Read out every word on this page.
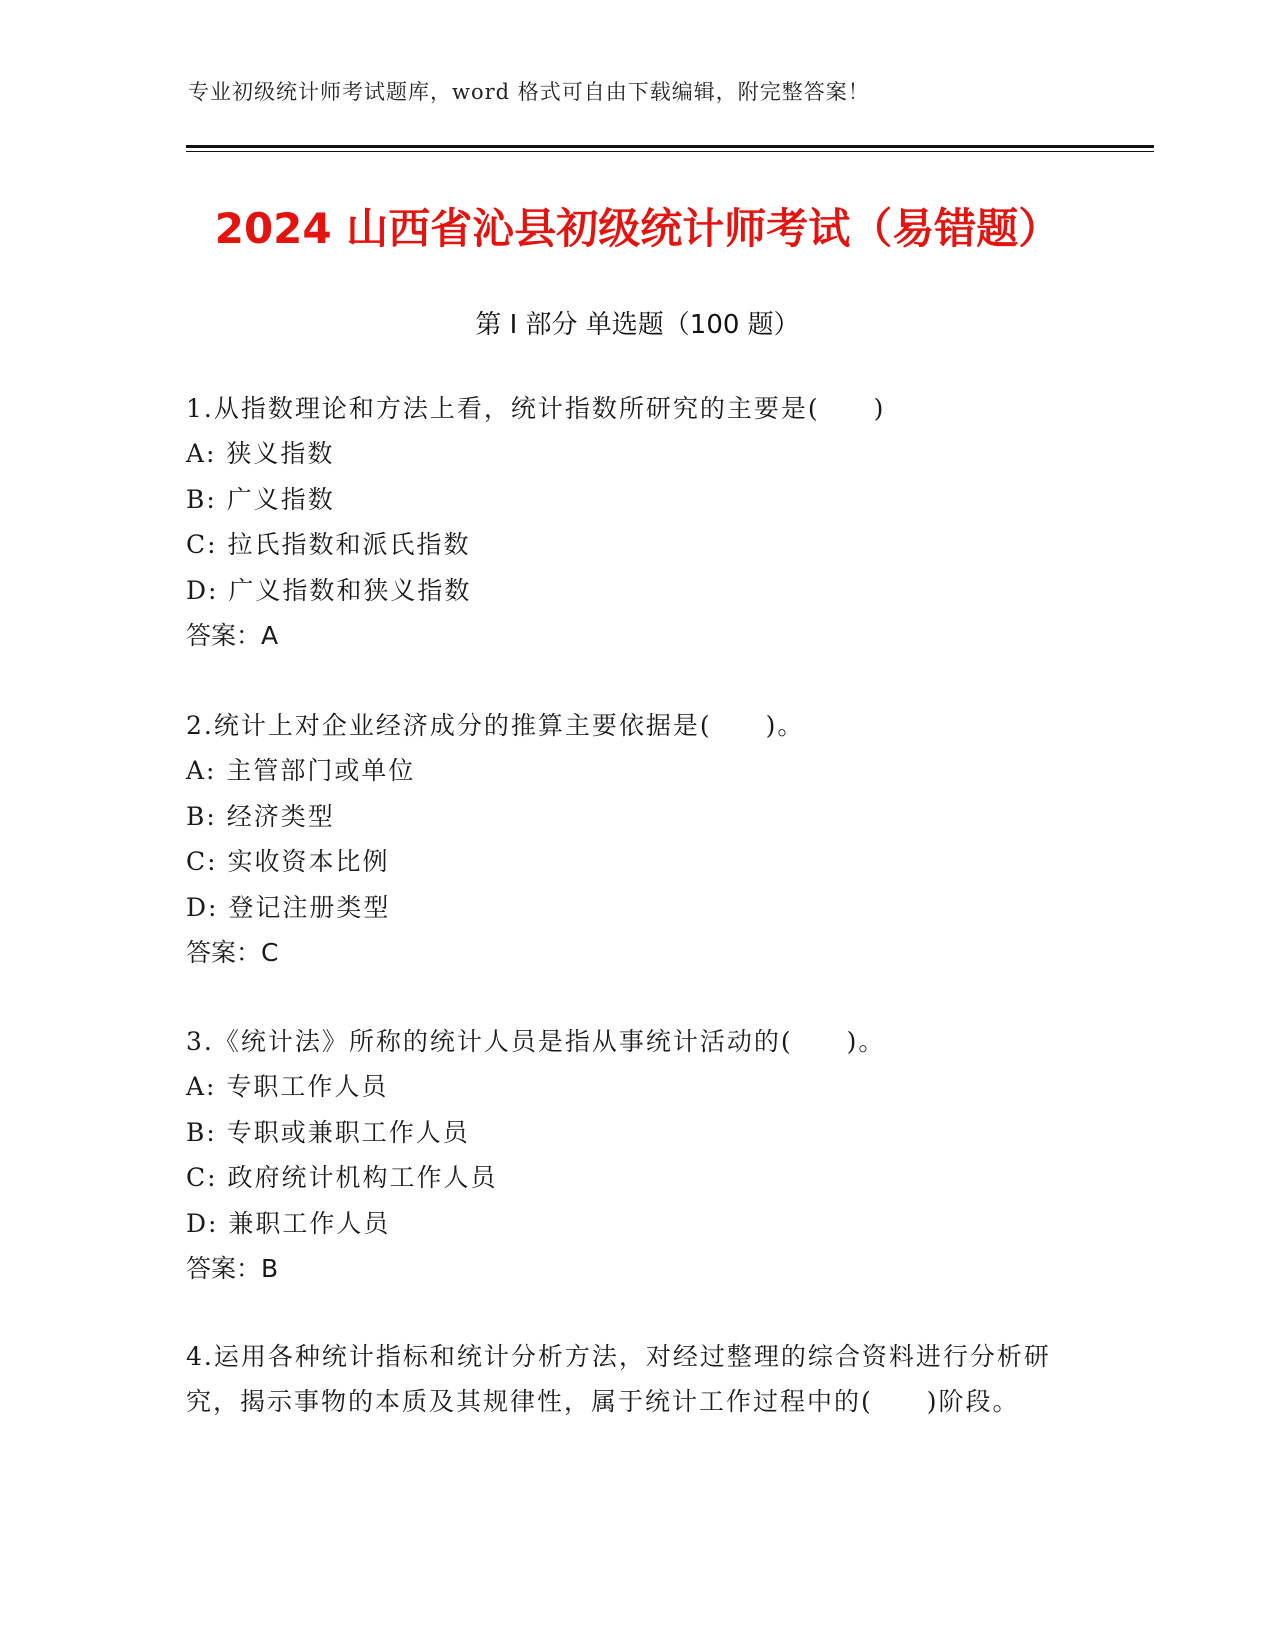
专业初级统计师考试题库，word 格式可自由下载编辑，附完整答案！
2024 山西省沁县初级统计师考试（易错题）
第 I 部分 单选题（100 题）

1.从指数理论和方法上看，统计指数所研究的主要是(　　)

A: 狭义指数

B: 广义指数

C: 拉氏指数和派氏指数

D: 广义指数和狭义指数

答案：A

2.统计上对企业经济成分的推算主要依据是(　　)。

A: 主管部门或单位

B: 经济类型

C: 实收资本比例

D: 登记注册类型

答案：C

3.《统计法》所称的统计人员是指从事统计活动的(　　)。

A: 专职工作人员

B: 专职或兼职工作人员

C: 政府统计机构工作人员

D: 兼职工作人员

答案：B

4.运用各种统计指标和统计分析方法，对经过整理的综合资料进行分析研究，揭示事物的本质及其规律性，属于统计工作过程中的(　　)阶段。
